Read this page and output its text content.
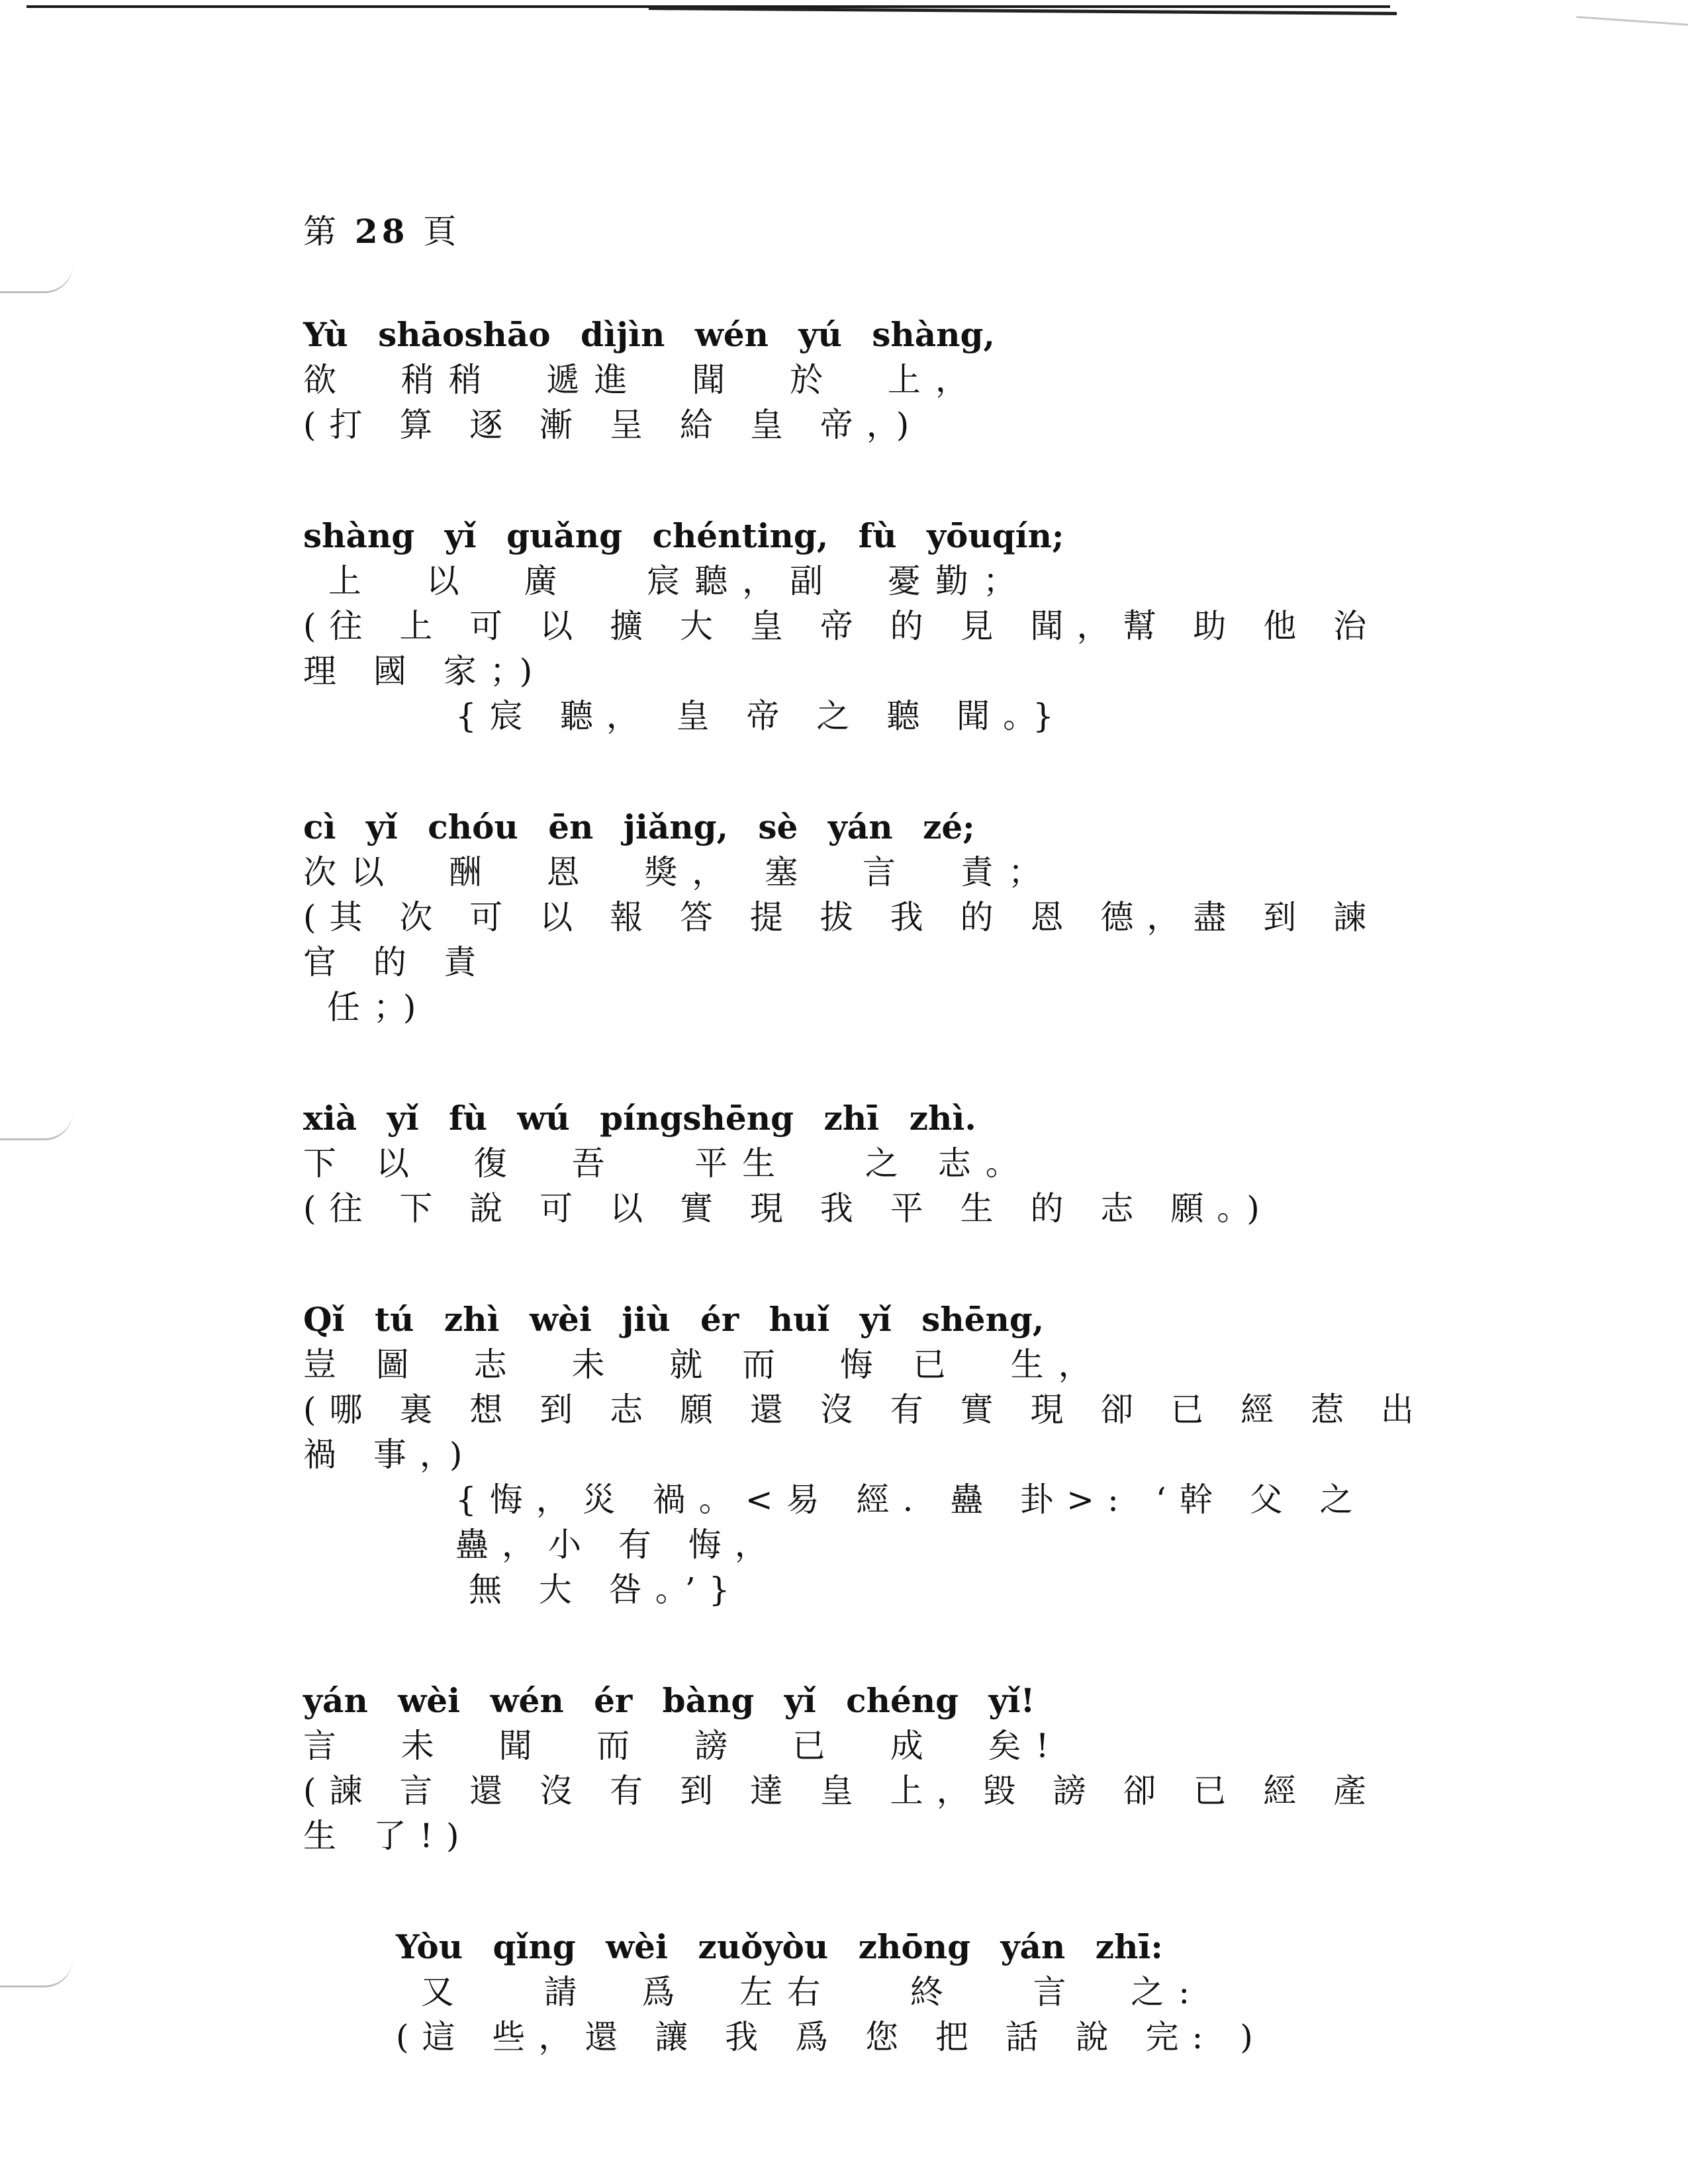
第 28 頁
Yù shāoshāo dìjìn wén yú shàng,
欲  稍稍  遞進  聞  於  上，
(打 算 逐 漸 呈 給 皇 帝，)
shàng yǐ guǎng chénting, fù yōuqín;
上  以  廣   宸聽，副  憂勤；
(往 上 可 以 擴 大 皇 帝 的 見 聞，幫 助 他 治 理 國 家；)
{宸 聽， 皇 帝 之 聽 聞。}
cì yǐ chóu ēn jiǎng, sè yán zé;
次以  酬  恩  獎， 塞  言  責；
(其 次 可 以 報 答 提 拔 我 的 恩 德，盡 到 諫 官 的 責
任；)
xià yǐ fù wú píngshēng zhī zhì.
下 以  復  吾   平生   之 志。
(往 下 說 可 以 實 現 我 平 生 的 志 願。)
Qǐ tú zhì wèi jiù ér huǐ yǐ shēng,
豈 圖  志  未  就 而  悔 已  生，
(哪 裏 想 到 志 願 還 沒 有 實 現 卻 已 經 惹 出 禍 事，)
{悔，災 禍。<易 經. 蠱 卦>: ‘幹 父 之 蠱，小 有 悔，
無 大 咎。’}
yán wèi wén ér bàng yǐ chéng yǐ!
言  未  聞  而  謗  已  成  矣!
(諫 言 還 沒 有 到 達 皇 上，毀 謗 卻 已 經 產 生 了!)
Yòu qǐng wèi zuǒyòu zhōng yán zhī:
又   請  爲  左右   終   言  之:
(這 些，還 讓 我 爲 您 把 話 說 完: )
